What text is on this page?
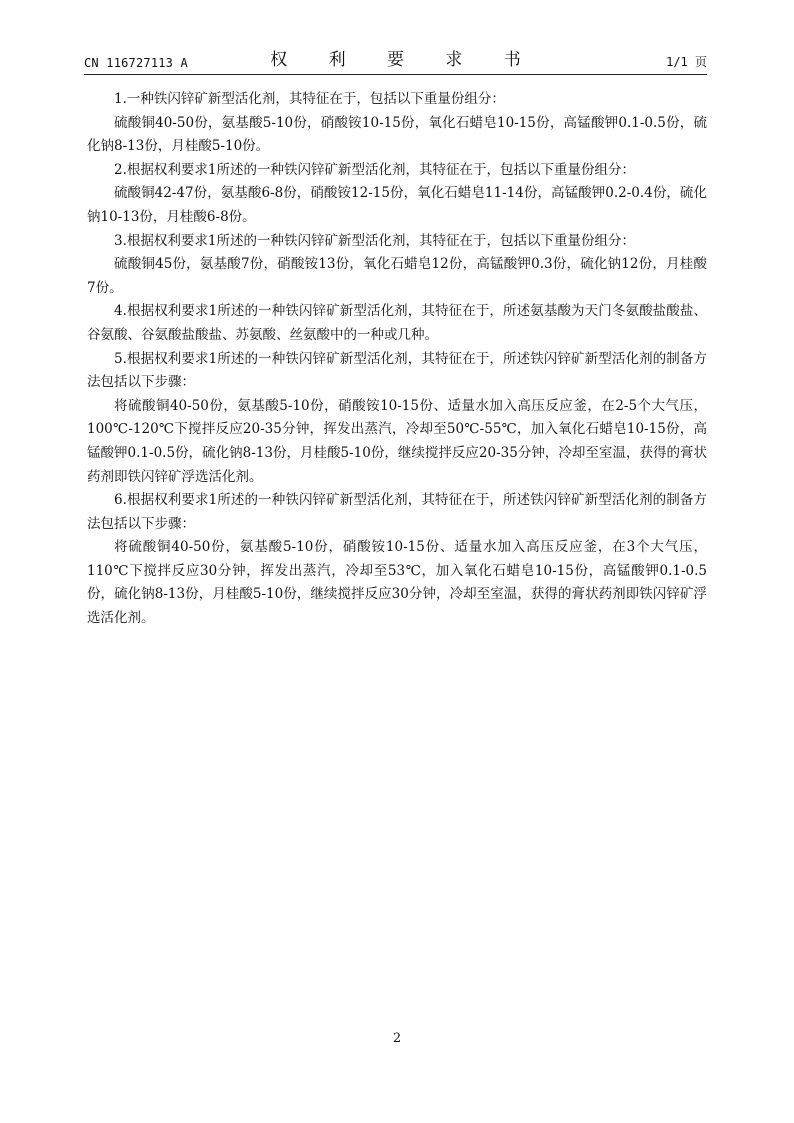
CN 116727113 A	权 利 要 求 书	1/1 页

1.一种铁闪锌矿新型活化剂，其特征在于，包括以下重量份组分：

硫酸铜40-50份，氨基酸5-10份，硝酸铵10-15份，氧化石蜡皂10-15份，高锰酸钾0.1-0.5份，硫化钠8-13份，月桂酸5-10份。

2.根据权利要求1所述的一种铁闪锌矿新型活化剂，其特征在于，包括以下重量份组分：

硫酸铜42-47份，氨基酸6-8份，硝酸铵12-15份，氧化石蜡皂11-14份，高锰酸钾0.2-0.4份，硫化钠10-13份，月桂酸6-8份。

3.根据权利要求1所述的一种铁闪锌矿新型活化剂，其特征在于，包括以下重量份组分：

硫酸铜45份，氨基酸7份，硝酸铵13份，氧化石蜡皂12份，高锰酸钾0.3份，硫化钠12份，月桂酸7份。

4.根据权利要求1所述的一种铁闪锌矿新型活化剂，其特征在于，所述氨基酸为天门冬氨酸盐酸盐、谷氨酸、谷氨酸盐酸盐、苏氨酸、丝氨酸中的一种或几种。

5.根据权利要求1所述的一种铁闪锌矿新型活化剂，其特征在于，所述铁闪锌矿新型活化剂的制备方法包括以下步骤：

将硫酸铜40-50份，氨基酸5-10份，硝酸铵10-15份、适量水加入高压反应釜，在2-5个大气压，100℃-120℃下搅拌反应20-35分钟，挥发出蒸汽，冷却至50℃-55℃，加入氧化石蜡皂10-15份，高锰酸钾0.1-0.5份，硫化钠8-13份，月桂酸5-10份，继续搅拌反应20-35分钟，冷却至室温，获得的膏状药剂即铁闪锌矿浮选活化剂。

6.根据权利要求1所述的一种铁闪锌矿新型活化剂，其特征在于，所述铁闪锌矿新型活化剂的制备方法包括以下步骤：

将硫酸铜40-50份，氨基酸5-10份，硝酸铵10-15份、适量水加入高压反应釜，在3个大气压，110℃下搅拌反应30分钟，挥发出蒸汽，冷却至53℃，加入氧化石蜡皂10-15份，高锰酸钾0.1-0.5份，硫化钠8-13份，月桂酸5-10份，继续搅拌反应30分钟，冷却至室温，获得的膏状药剂即铁闪锌矿浮选活化剂。

2
